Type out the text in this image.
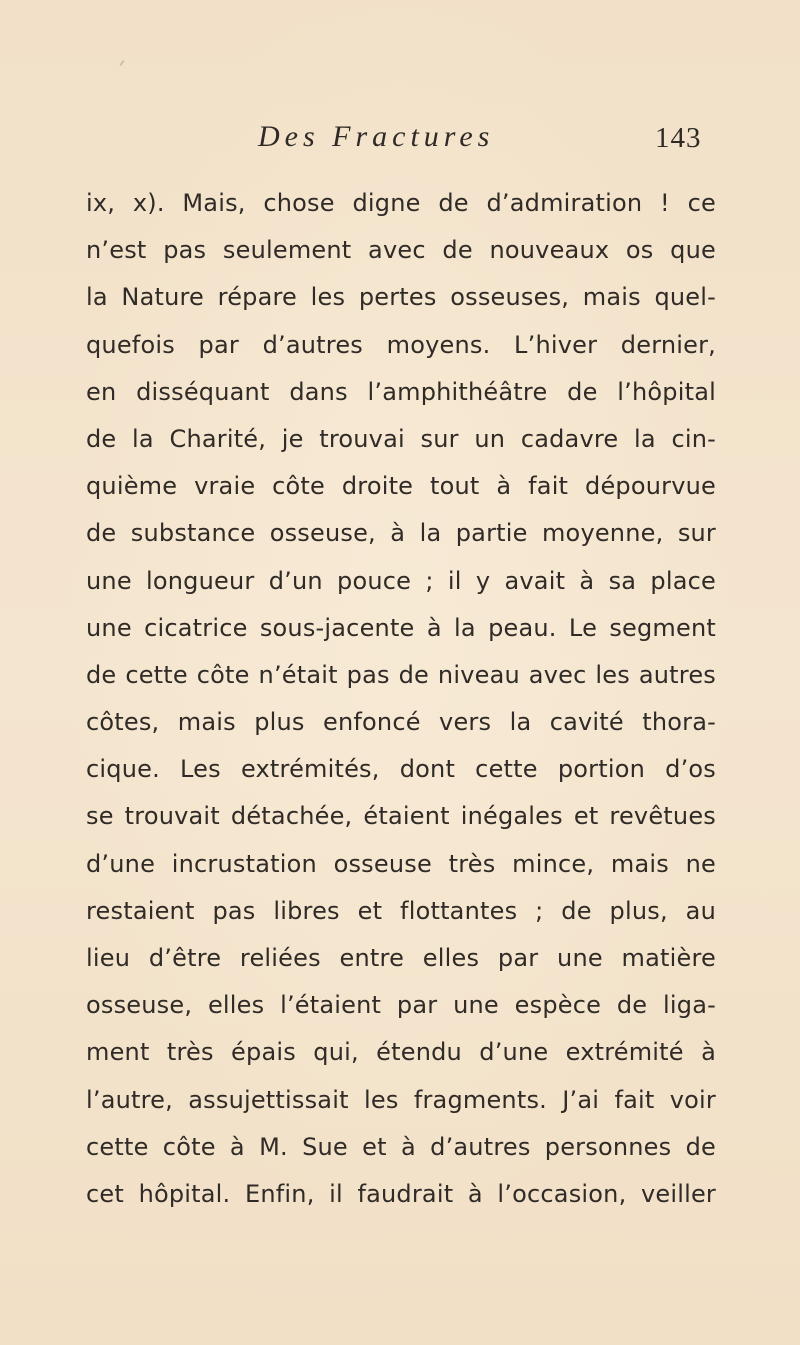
Des Fractures	143
ix, x). Mais, chose digne de d’admiration ! ce
n’est pas seulement avec de nouveaux os que
la Nature répare les pertes osseuses, mais quel-
quefois par d’autres moyens. L’hiver dernier,
en disséquant dans l’amphithéâtre de l’hôpital
de la Charité, je trouvai sur un cadavre la cin-
quième vraie côte droite tout à fait dépourvue
de substance osseuse, à la partie moyenne, sur
une longueur d’un pouce ; il y avait à sa place
une cicatrice sous-jacente à la peau. Le segment
de cette côte n’était pas de niveau avec les autres
côtes, mais plus enfoncé vers la cavité thora-
cique. Les extrémités, dont cette portion d’os
se trouvait détachée, étaient inégales et revêtues
d’une incrustation osseuse très mince, mais ne
restaient pas libres et flottantes ; de plus, au
lieu d’être reliées entre elles par une matière
osseuse, elles l’étaient par une espèce de liga-
ment très épais qui, étendu d’une extrémité à
l’autre, assujettissait les fragments. J’ai fait voir
cette côte à M. Sue et à d’autres personnes de
cet hôpital. Enfin, il faudrait à l’occasion, veiller
